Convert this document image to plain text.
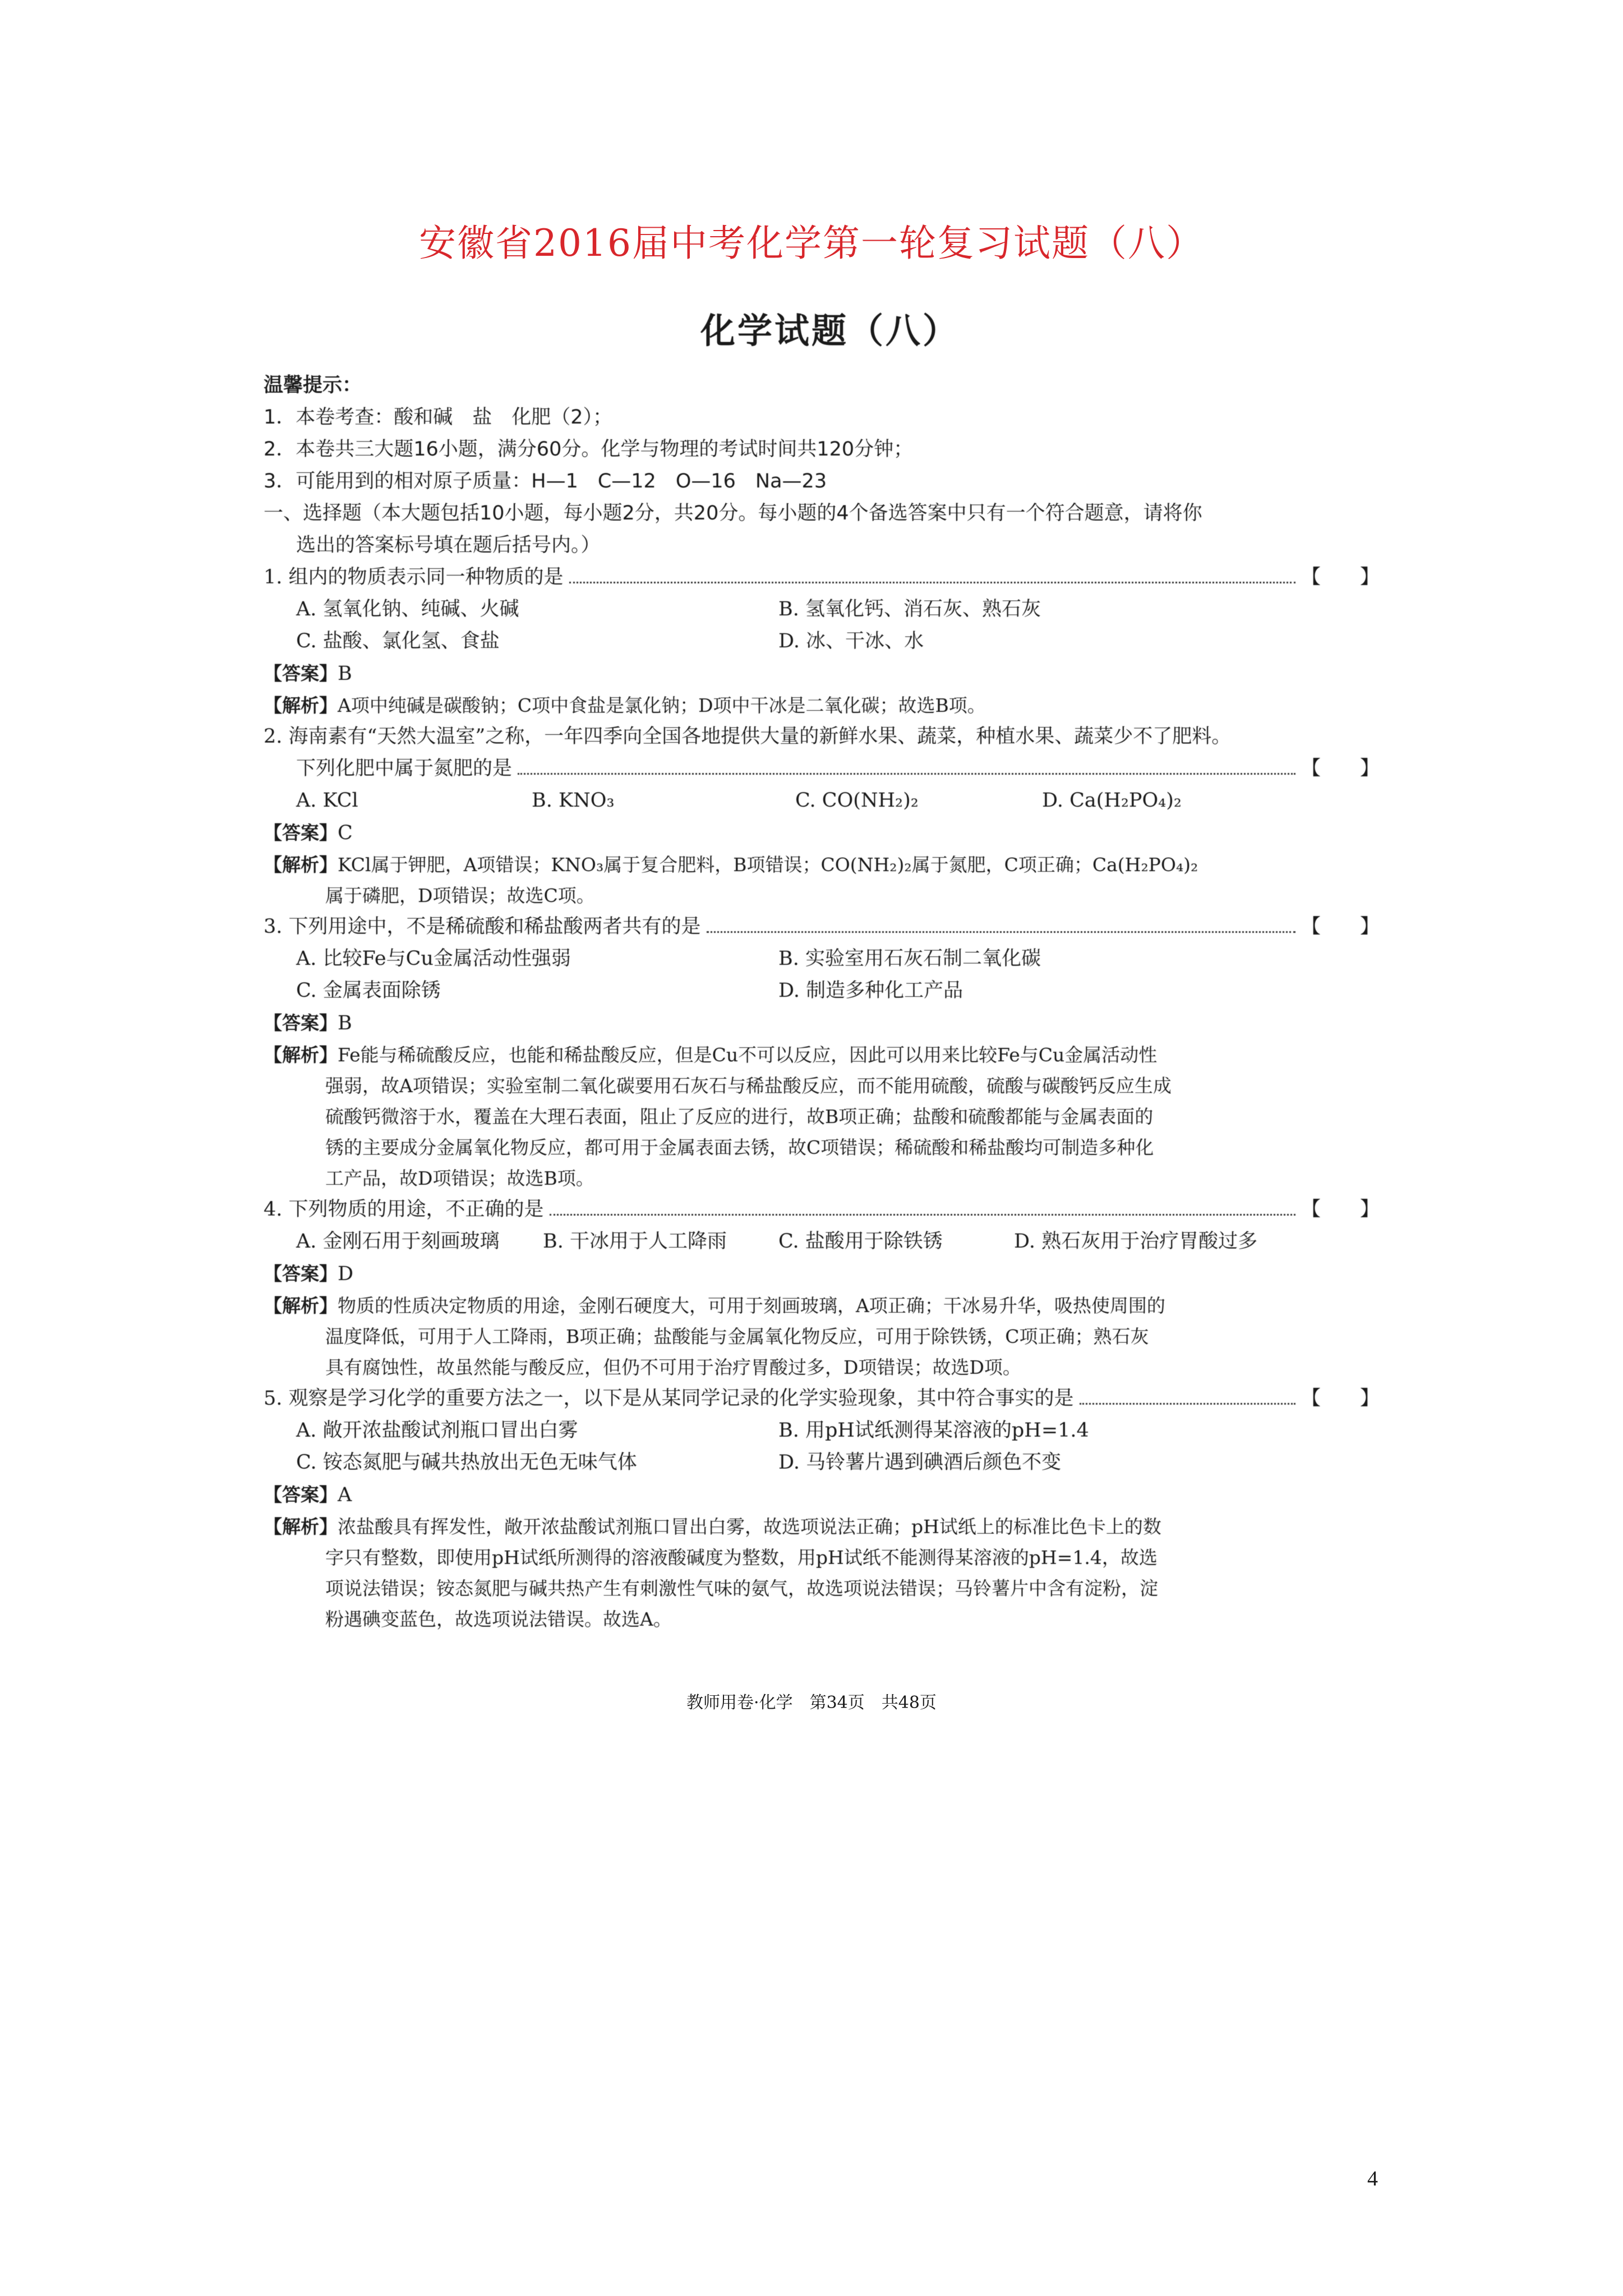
安徽省2016届中考化学第一轮复习试题（八）
化学试题（八）
温馨提示：
1．本卷考查：酸和碱　盐　化肥（2）；
2．本卷共三大题16小题，满分60分。化学与物理的考试时间共120分钟；
3．可能用到的相对原子质量：H—1　C—12　O—16　Na—23
一、选择题（本大题包括10小题，每小题2分，共20分。每小题的4个备选答案中只有一个符合题意，请将你
选出的答案标号填在题后括号内。）
1. 组内的物质表示同一种物质的是	【　　】
A. 氢氧化钠、纯碱、火碱	B. 氢氧化钙、消石灰、熟石灰
C. 盐酸、氯化氢、食盐	D. 冰、干冰、水
【答案】B
【解析】A项中纯碱是碳酸钠；C项中食盐是氯化钠；D项中干冰是二氧化碳；故选B项。
2. 海南素有“天然大温室”之称，一年四季向全国各地提供大量的新鲜水果、蔬菜，种植水果、蔬菜少不了肥料。
下列化肥中属于氮肥的是	【　　】
A. KCl	B. KNO₃	C. CO(NH₂)₂	D. Ca(H₂PO₄)₂
【答案】C
【解析】KCl属于钾肥，A项错误；KNO₃属于复合肥料，B项错误；CO(NH₂)₂属于氮肥，C项正确；Ca(H₂PO₄)₂
属于磷肥，D项错误；故选C项。
3. 下列用途中，不是稀硫酸和稀盐酸两者共有的是	【　　】
A. 比较Fe与Cu金属活动性强弱	B. 实验室用石灰石制二氧化碳
C. 金属表面除锈	D. 制造多种化工产品
【答案】B
【解析】Fe能与稀硫酸反应，也能和稀盐酸反应，但是Cu不可以反应，因此可以用来比较Fe与Cu金属活动性
强弱，故A项错误；实验室制二氧化碳要用石灰石与稀盐酸反应，而不能用硫酸，硫酸与碳酸钙反应生成
硫酸钙微溶于水，覆盖在大理石表面，阻止了反应的进行，故B项正确；盐酸和硫酸都能与金属表面的
锈的主要成分金属氧化物反应，都可用于金属表面去锈，故C项错误；稀硫酸和稀盐酸均可制造多种化
工产品，故D项错误；故选B项。
4. 下列物质的用途，不正确的是	【　　】
A. 金刚石用于刻画玻璃	B. 干冰用于人工降雨	C. 盐酸用于除铁锈	D. 熟石灰用于治疗胃酸过多
【答案】D
【解析】物质的性质决定物质的用途，金刚石硬度大，可用于刻画玻璃，A项正确；干冰易升华，吸热使周围的
温度降低，可用于人工降雨，B项正确；盐酸能与金属氧化物反应，可用于除铁锈，C项正确；熟石灰
具有腐蚀性，故虽然能与酸反应，但仍不可用于治疗胃酸过多，D项错误；故选D项。
5. 观察是学习化学的重要方法之一，以下是从某同学记录的化学实验现象，其中符合事实的是	【　　】
A. 敞开浓盐酸试剂瓶口冒出白雾	B. 用pH试纸测得某溶液的pH=1.4
C. 铵态氮肥与碱共热放出无色无味气体	D. 马铃薯片遇到碘酒后颜色不变
【答案】A
【解析】浓盐酸具有挥发性，敞开浓盐酸试剂瓶口冒出白雾，故选项说法正确；pH试纸上的标准比色卡上的数
字只有整数，即使用pH试纸所测得的溶液酸碱度为整数，用pH试纸不能测得某溶液的pH=1.4，故选
项说法错误；铵态氮肥与碱共热产生有刺激性气味的氨气，故选项说法错误；马铃薯片中含有淀粉，淀
粉遇碘变蓝色，故选项说法错误。故选A。
教师用卷·化学　第34页　共48页
4
